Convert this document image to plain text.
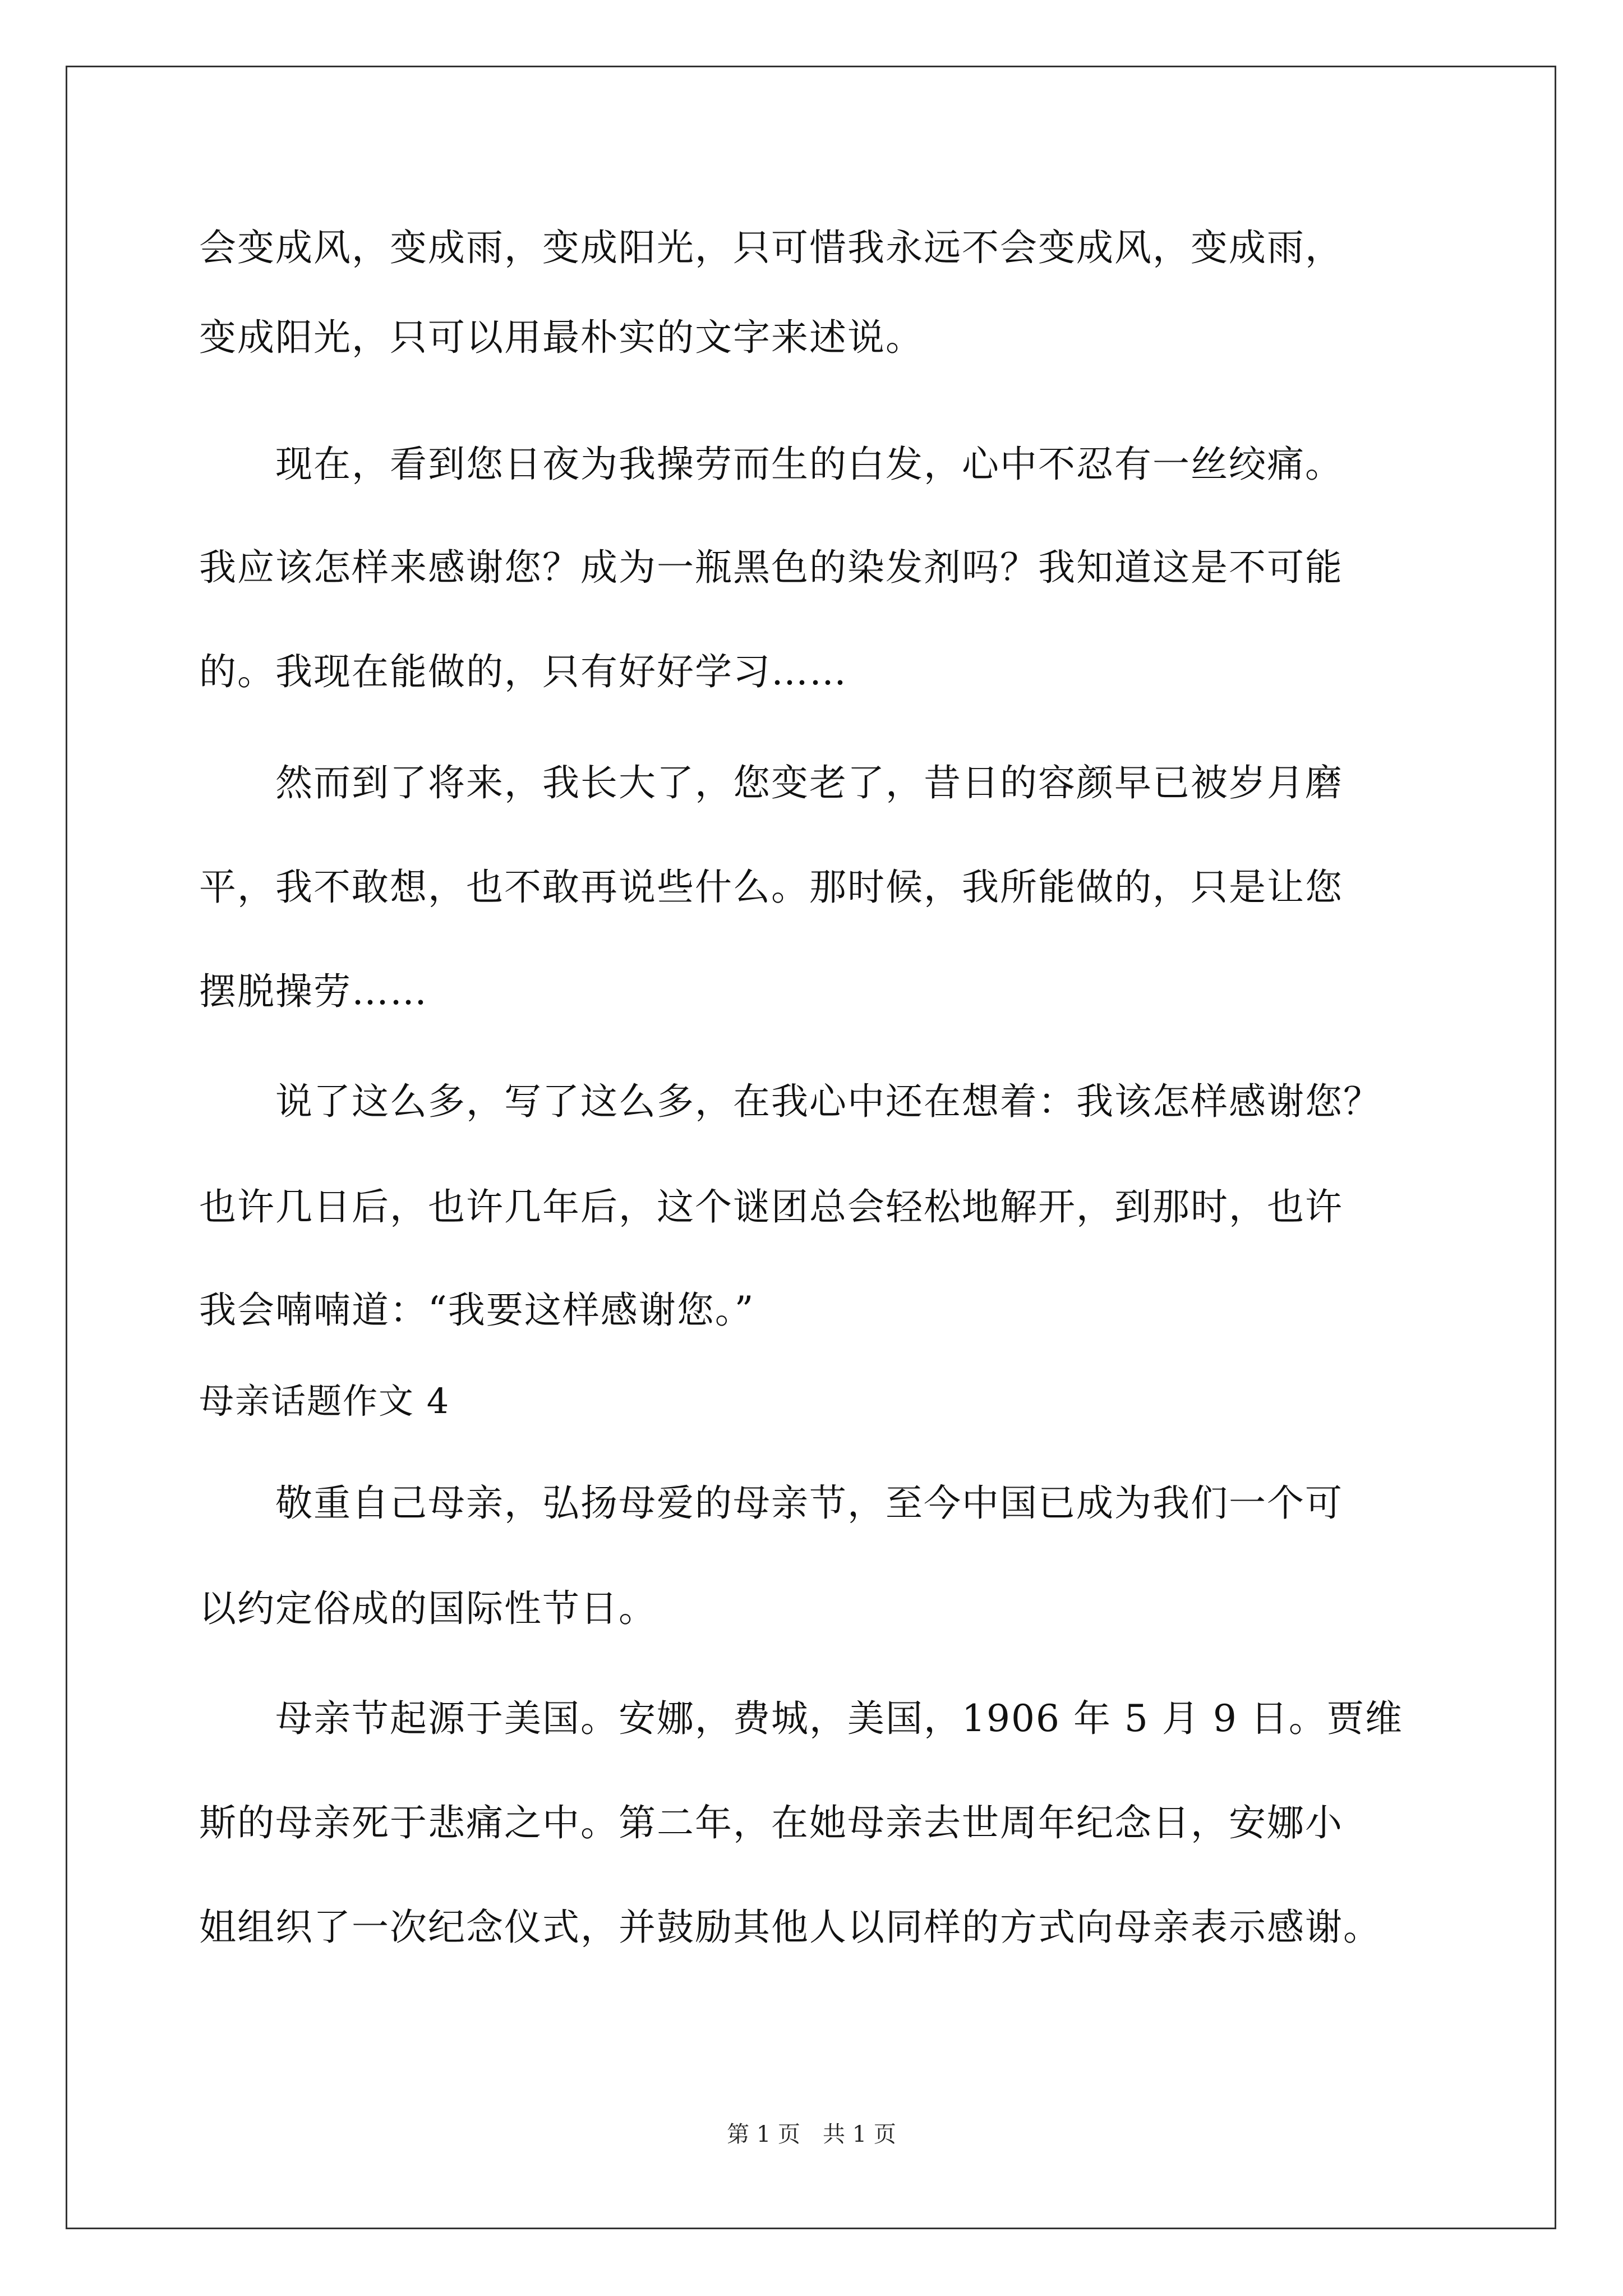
会变成风，变成雨，变成阳光，只可惜我永远不会变成风，变成雨，
变成阳光，只可以用最朴实的文字来述说。
　　现在，看到您日夜为我操劳而生的白发，心中不忍有一丝绞痛。
我应该怎样来感谢您？成为一瓶黑色的染发剂吗？我知道这是不可能
的。我现在能做的，只有好好学习……
　　然而到了将来，我长大了，您变老了，昔日的容颜早已被岁月磨
平，我不敢想，也不敢再说些什么。那时候，我所能做的，只是让您
摆脱操劳……
　　说了这么多，写了这么多，在我心中还在想着：我该怎样感谢您？
也许几日后，也许几年后，这个谜团总会轻松地解开，到那时，也许
我会喃喃道：“我要这样感谢您。”
母亲话题作文 4
　　敬重自己母亲，弘扬母爱的母亲节，至今中国已成为我们一个可
以约定俗成的国际性节日。
　　母亲节起源于美国。安娜，费城，美国，1906 年 5 月 9 日。贾维
斯的母亲死于悲痛之中。第二年，在她母亲去世周年纪念日，安娜小
姐组织了一次纪念仪式，并鼓励其他人以同样的方式向母亲表示感谢。
第 1 页　共 1 页
